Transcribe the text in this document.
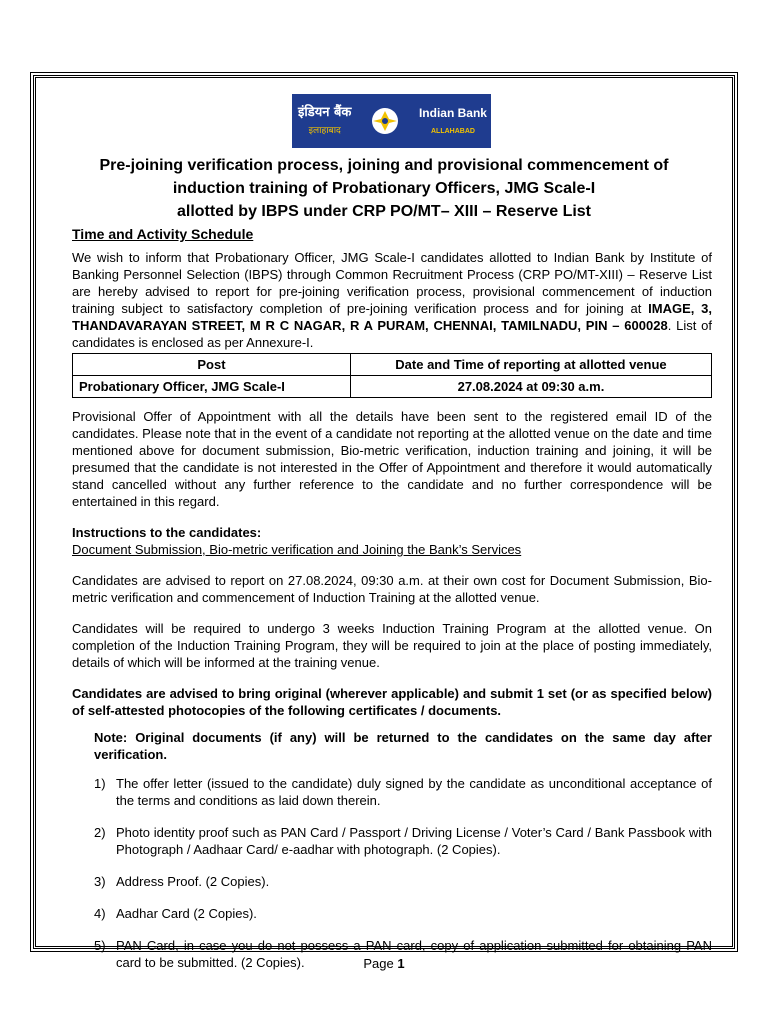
इंडियन बैंक
इलाहाबाद
Indian Bank
ALLAHABAD
Pre-joining verification process, joining and provisional commencement of
induction training of Probationary Officers, JMG Scale-I
allotted by IBPS under CRP PO/MT– XIII – Reserve List
Time and Activity Schedule

We wish to inform that Probationary Officer, JMG Scale-I candidates allotted to Indian Bank by Institute of Banking Personnel Selection (IBPS) through Common Recruitment Process (CRP PO/MT-XIII) – Reserve List are hereby advised to report for pre-joining verification process, provisional commencement of induction training subject to satisfactory completion of pre-joining verification process and for joining at IMAGE, 3, THANDAVARAYAN STREET, M R C NAGAR, R A PURAM, CHENNAI, TAMILNADU, PIN – 600028. List of candidates is enclosed as per Annexure-I.

Post	Date and Time of reporting at allotted venue
Probationary Officer, JMG Scale-I	27.08.2024 at 09:30 a.m.

Provisional Offer of Appointment with all the details have been sent to the registered email ID of the candidates. Please note that in the event of a candidate not reporting at the allotted venue on the date and time mentioned above for document submission, Bio-metric verification, induction training and joining, it will be presumed that the candidate is not interested in the Offer of Appointment and therefore it would automatically stand cancelled without any further reference to the candidate and no further correspondence will be entertained in this regard.

Instructions to the candidates:

Document Submission, Bio-metric verification and Joining the Bank’s Services

Candidates are advised to report on 27.08.2024, 09:30 a.m. at their own cost for Document Submission, Bio-metric verification and commencement of Induction Training at the allotted venue.

Candidates will be required to undergo 3 weeks Induction Training Program at the allotted venue. On completion of the Induction Training Program, they will be required to join at the place of posting immediately, details of which will be informed at the training venue.

Candidates are advised to bring original (wherever applicable) and submit 1 set (or as specified below) of self-attested photocopies of the following certificates / documents.

Note: Original documents (if any) will be returned to the candidates on the same day after verification.

1) The offer letter (issued to the candidate) duly signed by the candidate as unconditional acceptance of the terms and conditions as laid down therein.
2) Photo identity proof such as PAN Card / Passport / Driving License / Voter’s Card / Bank Passbook with Photograph / Aadhaar Card/ e-aadhar with photograph. (2 Copies).
3) Address Proof. (2 Copies).
4) Aadhar Card (2 Copies).
5) PAN Card, in case you do not possess a PAN card, copy of application submitted for obtaining PAN card to be submitted. (2 Copies).	Page 1
